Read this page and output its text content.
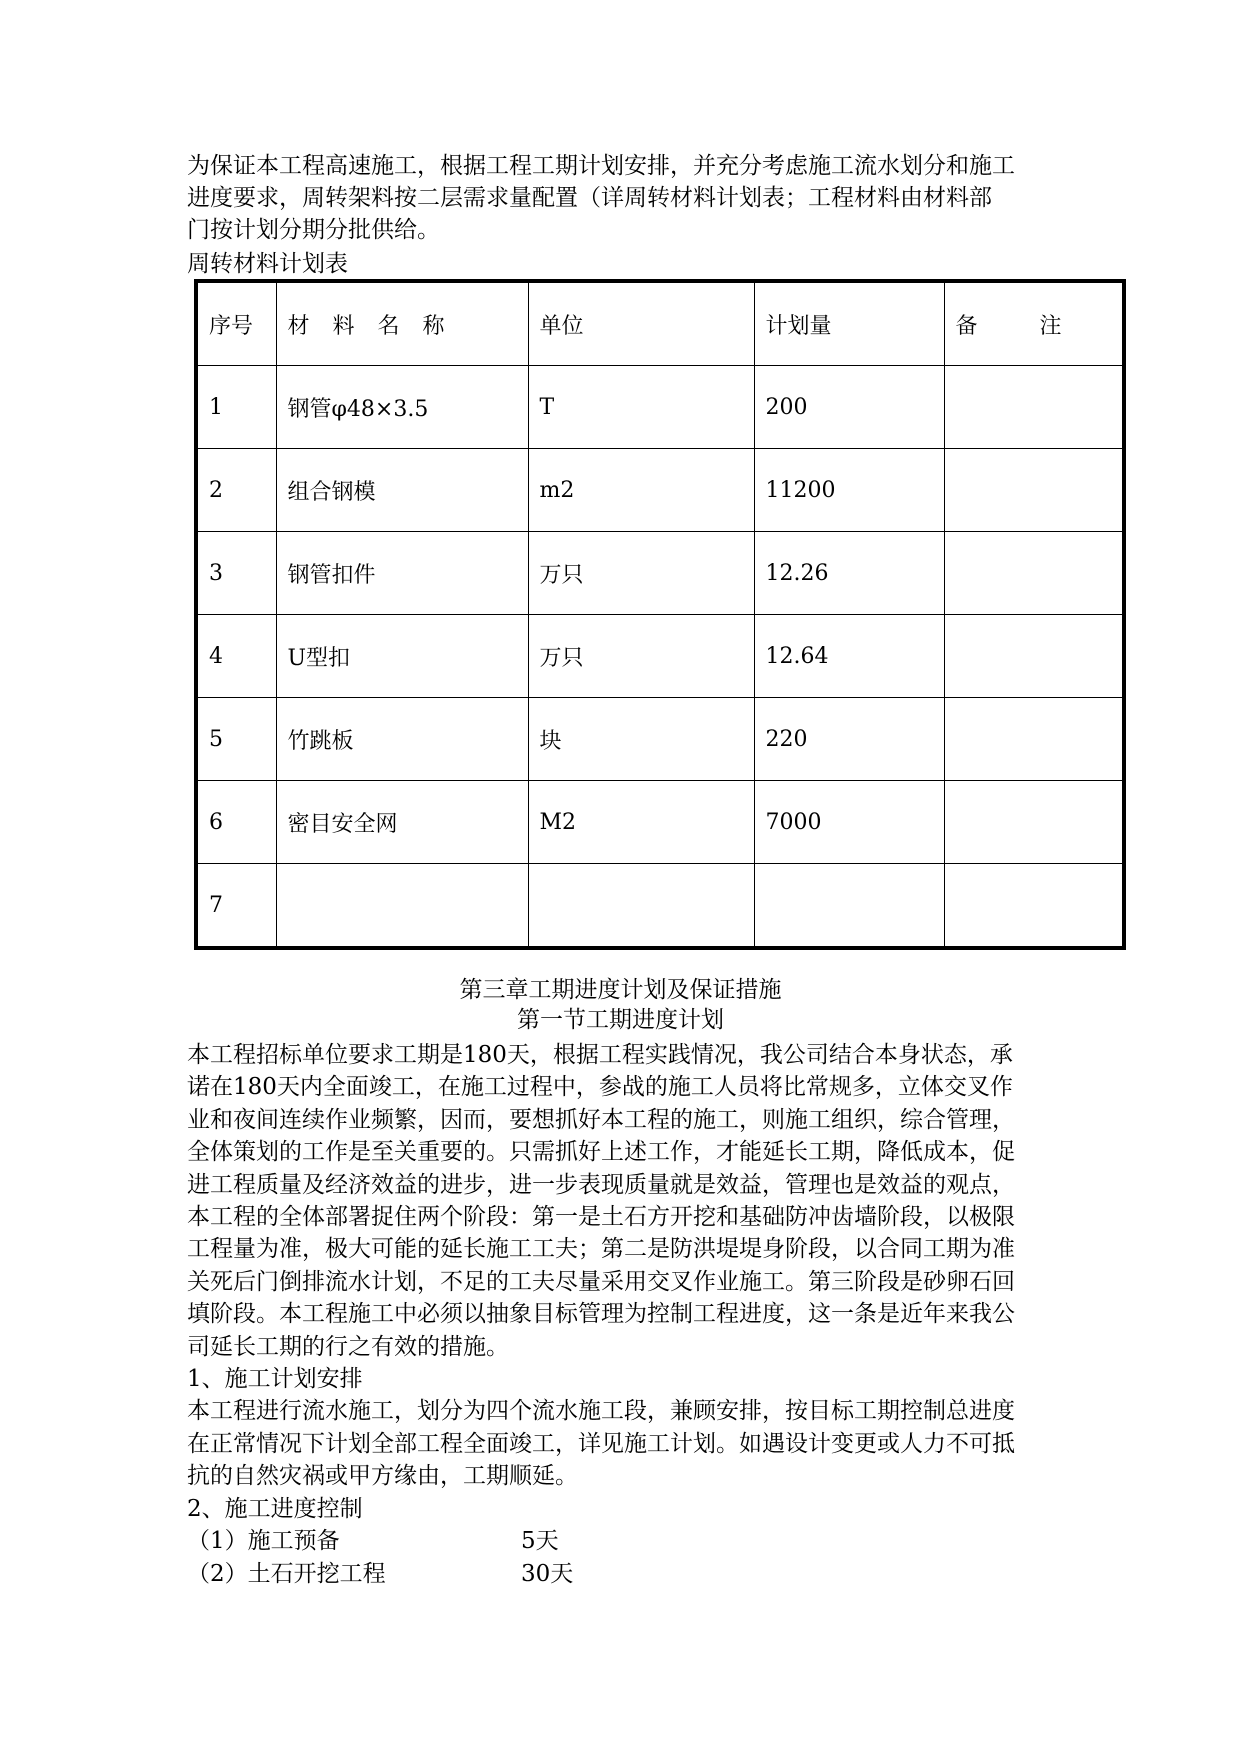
为保证本工程高速施工，根据工程工期计划安排，并充分考虑施工流水划分和施工

进度要求，周转架料按二层需求量配置（详周转材料计划表；工程材料由材料部

门按计划分期分批供给。

周转材料计划表

序号	材 料 名 称	单位	计划量	备　注
1	钢管φ48×3.5	T	200	
2	组合钢模	m2	11200	
3	钢管扣件	万只	12.26	
4	U型扣	万只	12.64	
5	竹跳板	块	220	
6	密目安全网	M2	7000	
7				

第三章工期进度计划及保证措施

第一节工期进度计划

本工程招标单位要求工期是180天，根据工程实践情况，我公司结合本身状态，承

诺在180天内全面竣工，在施工过程中，参战的施工人员将比常规多，立体交叉作

业和夜间连续作业频繁，因而，要想抓好本工程的施工，则施工组织，综合管理，

全体策划的工作是至关重要的。只需抓好上述工作，才能延长工期，降低成本，促

进工程质量及经济效益的进步，进一步表现质量就是效益，管理也是效益的观点，

本工程的全体部署捉住两个阶段：第一是土石方开挖和基础防冲齿墙阶段，以极限

工程量为准，极大可能的延长施工工夫；第二是防洪堤堤身阶段，以合同工期为准

关死后门倒排流水计划，不足的工夫尽量采用交叉作业施工。第三阶段是砂卵石回

填阶段。本工程施工中必须以抽象目标管理为控制工程进度，这一条是近年来我公

司延长工期的行之有效的措施。

1、施工计划安排

本工程进行流水施工，划分为四个流水施工段，兼顾安排，按目标工期控制总进度

在正常情况下计划全部工程全面竣工，详见施工计划。如遇设计变更或人力不可抵

抗的自然灾祸或甲方缘由，工期顺延。

2、施工进度控制

（1）施工预备	5天
（2）土石开挖工程	30天
